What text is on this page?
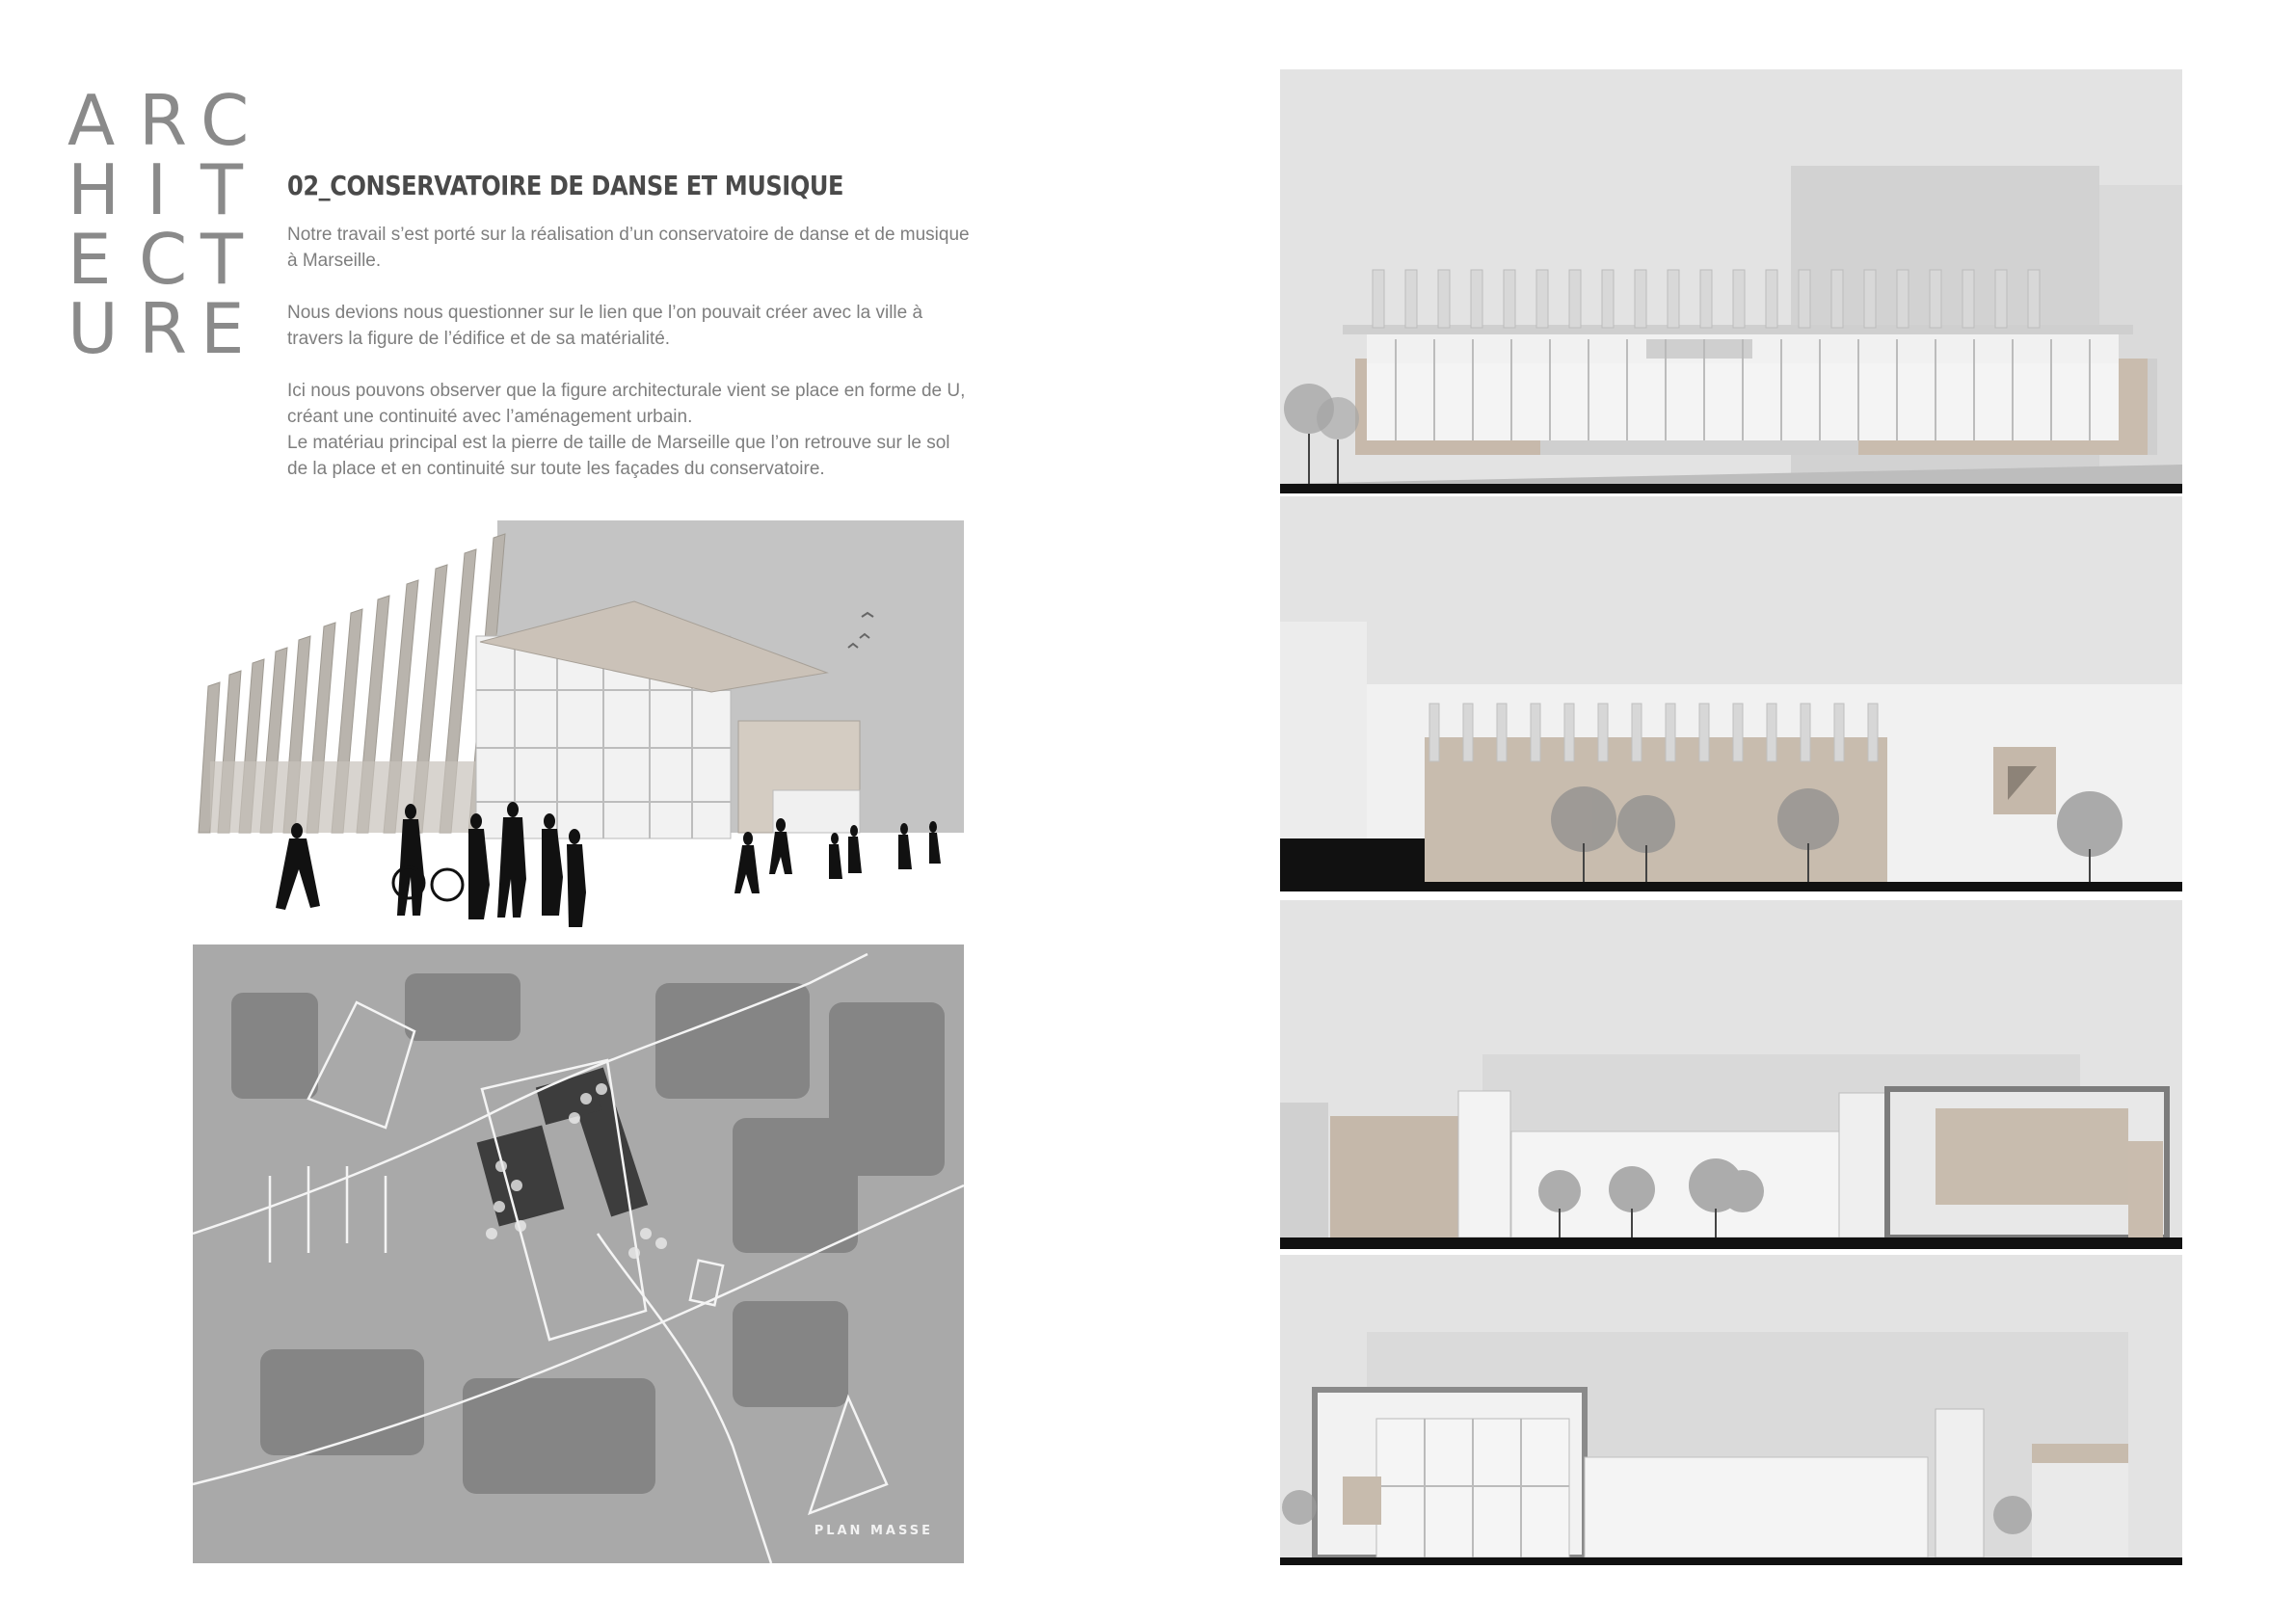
A R C
H I T
E C T
U R E
02_CONSERVATOIRE DE DANSE ET MUSIQUE

Notre travail s’est porté sur la réalisation d’un conservatoire de danse et de musique à Marseille.

Nous devions nous questionner sur le lien que l’on pouvait créer avec la ville à travers la figure de l’édifice et de sa matérialité.

Ici nous pouvons observer que la figure architecturale vient se place en forme de U, créant une continuité avec l’aménagement urbain.

Le matériau principal est la pierre de taille de Marseille que l’on retrouve sur le sol de la place et en continuité sur toute les façades du conservatoire.

PLAN MASSE
